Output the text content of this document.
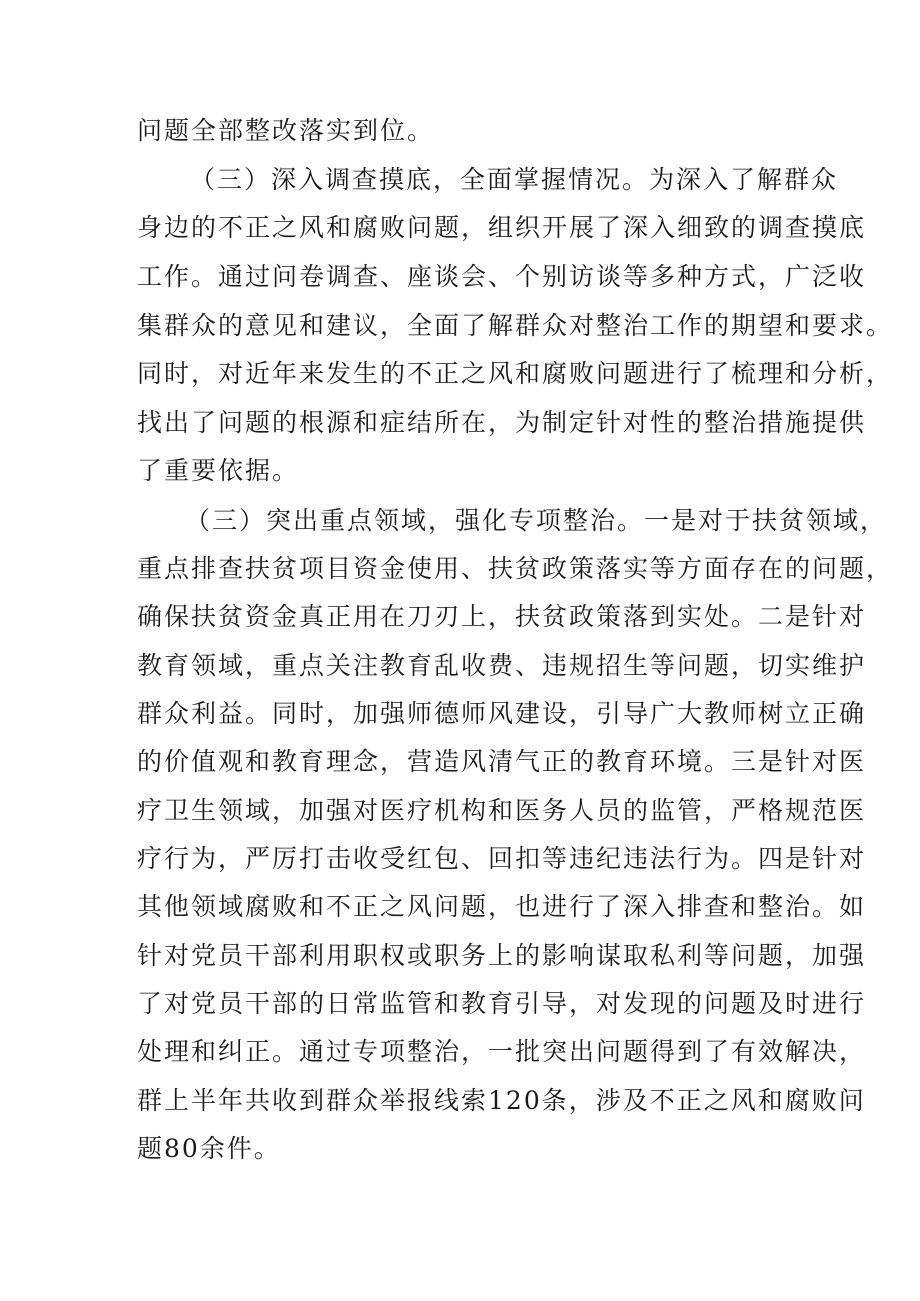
问题全部整改落实到位。
（三）深入调查摸底，全面掌握情况。为深入了解群众
身边的不正之风和腐败问题，组织开展了深入细致的调查摸底
工作。通过问卷调查、座谈会、个别访谈等多种方式，广泛收
集群众的意见和建议，全面了解群众对整治工作的期望和要求。
同时，对近年来发生的不正之风和腐败问题进行了梳理和分析，
找出了问题的根源和症结所在，为制定针对性的整治措施提供
了重要依据。
（三）突出重点领域，强化专项整治。一是对于扶贫领域，
重点排查扶贫项目资金使用、扶贫政策落实等方面存在的问题，
确保扶贫资金真正用在刀刃上，扶贫政策落到实处。二是针对
教育领域，重点关注教育乱收费、违规招生等问题，切实维护
群众利益。同时，加强师德师风建设，引导广大教师树立正确
的价值观和教育理念，营造风清气正的教育环境。三是针对医
疗卫生领域，加强对医疗机构和医务人员的监管，严格规范医
疗行为，严厉打击收受红包、回扣等违纪违法行为。四是针对
其他领域腐败和不正之风问题，也进行了深入排查和整治。如
针对党员干部利用职权或职务上的影响谋取私利等问题，加强
了对党员干部的日常监管和教育引导，对发现的问题及时进行
处理和纠正。通过专项整治，一批突出问题得到了有效解决，
群上半年共收到群众举报线索120条，涉及不正之风和腐败问
题80余件。
